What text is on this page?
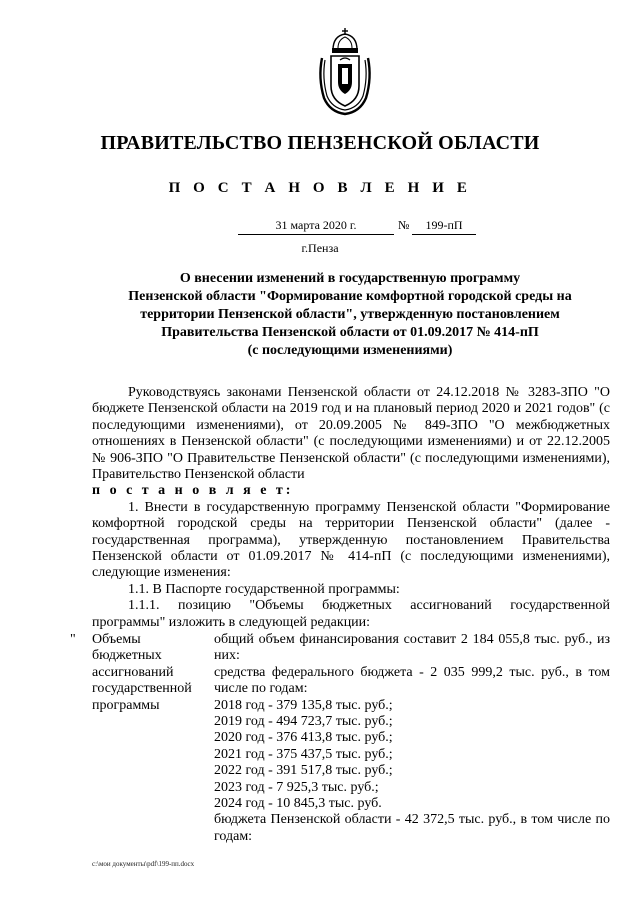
ПРАВИТЕЛЬСТВО ПЕНЗЕНСКОЙ ОБЛАСТИ
П О С Т А Н О В Л Е Н И Е
31 марта 2020 г.	№	199-пП
г.Пенза
О внесении изменений в государственную программу
Пензенской области "Формирование комфортной городской среды на
территории Пензенской области", утвержденную постановлением
Правительства Пензенской области от 01.09.2017 № 414-пП
(с последующими изменениями)

Руководствуясь законами Пензенской области от 24.12.2018 № 3283-ЗПО "О бюджете Пензенской области на 2019 год и на плановый период 2020 и 2021 годов" (с последующими изменениями), от 20.09.2005 № 849-ЗПО "О межбюджетных отношениях в Пензенской области" (с последующими изменениями) и от 22.12.2005 № 906-ЗПО "О Правительстве Пензенской области" (с последующими изменениями), Правительство Пензенской области

п о с т а н о в л я е т:

1. Внести в государственную программу Пензенской области "Формирование комфортной городской среды на территории Пензенской области" (далее - государственная программа), утвержденную постановлением Правительства Пензенской области от 01.09.2017 № 414-пП (с последующими изменениями), следующие изменения:

1.1. В Паспорте государственной программы:

1.1.1. позицию "Объемы бюджетных ассигнований государственной программы" изложить в следующей редакции:

" Объемы
бюджетных
ассигнований
государственной
программы
общий объем финансирования составит 2 184 055,8 тыс. руб., из них:
средства федерального бюджета - 2 035 999,2 тыс. руб., в том числе по годам:
2018 год - 379 135,8 тыс. руб.;
2019 год - 494 723,7 тыс. руб.;
2020 год - 376 413,8 тыс. руб.;
2021 год - 375 437,5 тыс. руб.;
2022 год - 391 517,8 тыс. руб.;
2023 год - 7 925,3 тыс. руб.;
2024 год - 10 845,3 тыс. руб.
бюджета Пензенской области - 42 372,5 тыс. руб., в том числе по годам:
c:\мои документы\pdf\199-пп.docx
